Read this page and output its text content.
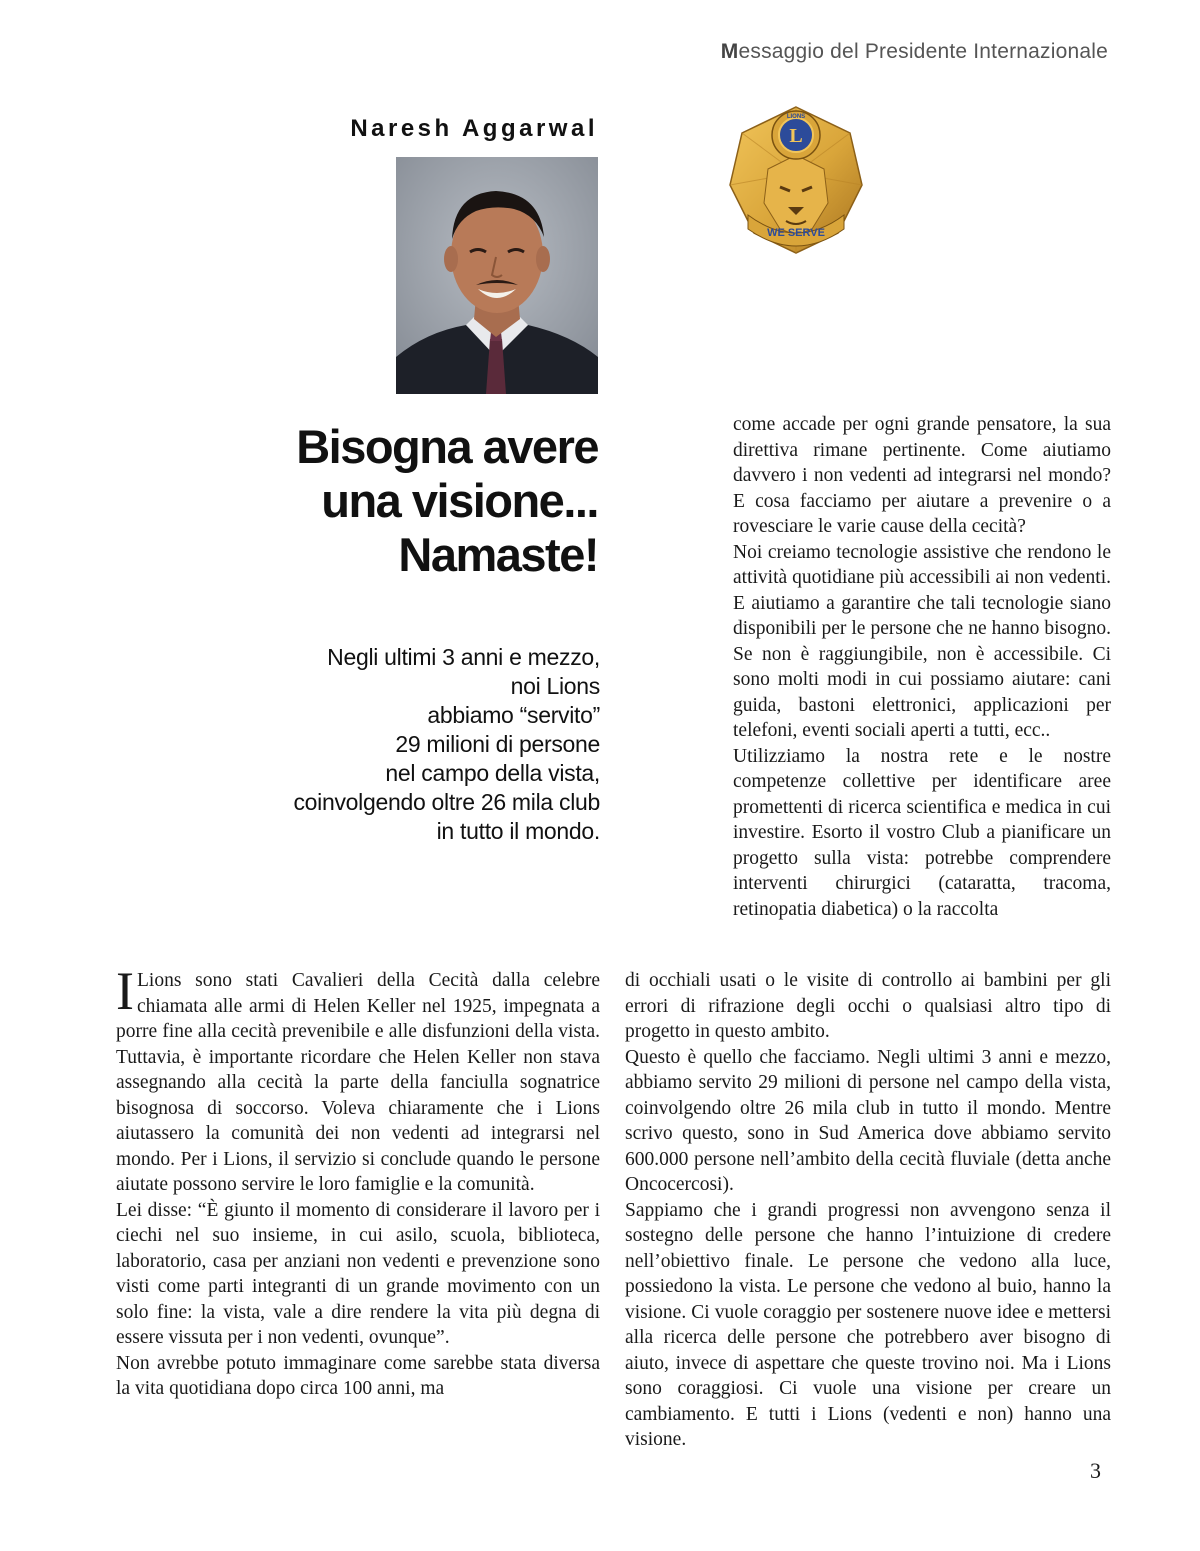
Messaggio del Presidente Internazionale
Naresh Aggarwal	L
LIONS
WE SERVE
Bisogna avere
una visione...
Namaste!
Negli ultimi 3 anni e mezzo,
noi Lions
abbiamo “servito”
29 milioni di persone
nel campo della vista,
coinvolgendo oltre 26 mila club
in tutto il mondo.

come accade per ogni grande pensatore, la sua direttiva rimane pertinente. Come aiutiamo davvero i non vedenti ad integrarsi nel mondo? E cosa facciamo per aiutare a prevenire o a rovesciare le varie cause della cecità?

Noi creiamo tecnologie assistive che rendono le attività quotidiane più accessibili ai non vedenti. E aiutiamo a garantire che tali tecnologie siano disponibili per le persone che ne hanno bisogno. Se non è raggiungibile, non è accessibile. Ci sono molti modi in cui possiamo aiutare: cani guida, bastoni elettronici, applicazioni per telefoni, eventi sociali aperti a tutti, ecc..

Utilizziamo la nostra rete e le nostre competenze collettive per identificare aree promettenti di ricerca scientifica e medica in cui investire. Esorto il vostro Club a pianificare un progetto sulla vista: potrebbe comprendere interventi chirurgici (cataratta, tracoma, retinopatia diabetica) o la raccolta

I Lions sono stati Cavalieri della Cecità dalla celebre chiamata alle armi di Helen Keller nel 1925, impegnata a porre fine alla cecità prevenibile e alle disfunzioni della vista. Tuttavia, è importante ricordare che Helen Keller non stava assegnando alla cecità la parte della fanciulla sognatrice bisognosa di soccorso. Voleva chiaramente che i Lions aiutassero la comunità dei non vedenti ad integrarsi nel mondo. Per i Lions, il servizio si conclude quando le persone aiutate possono servire le loro famiglie e la comunità.

Lei disse: “È giunto il momento di considerare il lavoro per i ciechi nel suo insieme, in cui asilo, scuola, biblioteca, laboratorio, casa per anziani non vedenti e prevenzione sono visti come parti integranti di un grande movimento con un solo fine: la vista, vale a dire rendere la vita più degna di essere vissuta per i non vedenti, ovunque”.

Non avrebbe potuto immaginare come sarebbe stata diversa la vita quotidiana dopo circa 100 anni, ma

di occhiali usati o le visite di controllo ai bambini per gli errori di rifrazione degli occhi o qualsiasi altro tipo di progetto in questo ambito.

Questo è quello che facciamo. Negli ultimi 3 anni e mezzo, abbiamo servito 29 milioni di persone nel campo della vista, coinvolgendo oltre 26 mila club in tutto il mondo. Mentre scrivo questo, sono in Sud America dove abbiamo servito 600.000 persone nell’ambito della cecità fluviale (detta anche Oncocercosi).

Sappiamo che i grandi progressi non avvengono senza il sostegno delle persone che hanno l’intuizione di credere nell’obiettivo finale. Le persone che vedono alla luce, possiedono la vista. Le persone che vedono al buio, hanno la visione. Ci vuole coraggio per sostenere nuove idee e mettersi alla ricerca delle persone che potrebbero aver bisogno di aiuto, invece di aspettare che queste trovino noi. Ma i Lions sono coraggiosi. Ci vuole una visione per creare un cambiamento. E tutti i Lions (vedenti e non) hanno una visione.

3
